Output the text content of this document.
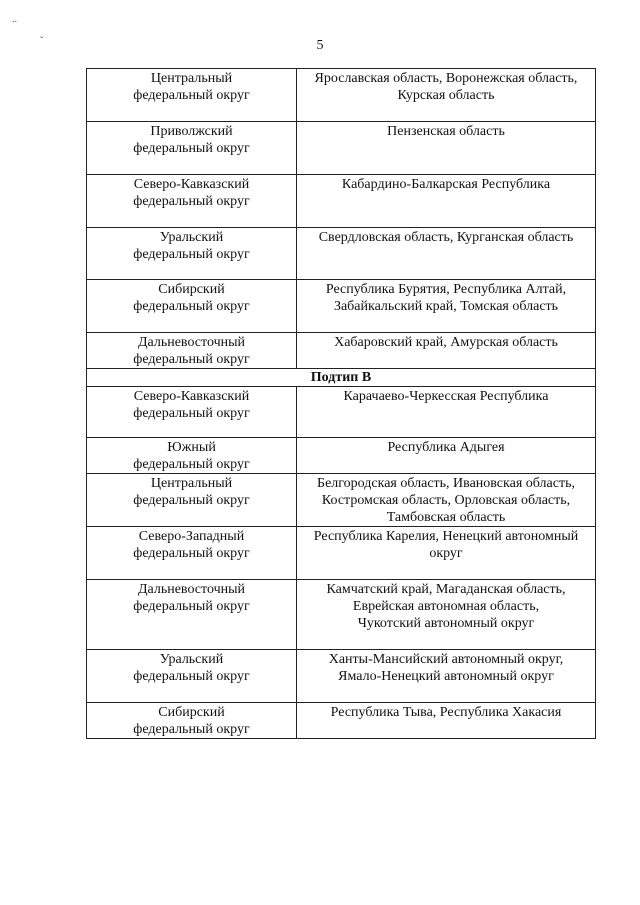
..
ˇ	5
Центральный
федеральный округ	Ярославская область, Воронежская область,
Курская область

Приволжский
федеральный округ	Пензенская область

Северо-Кавказский
федеральный округ	Кабардино-Балкарская Республика

Уральский
федеральный округ	Свердловская область, Курганская область

Сибирский
федеральный округ	Республика Бурятия, Республика Алтай,
Забайкальский край, Томская область

Дальневосточный
федеральный округ	Хабаровский край, Амурская область

Подтип В	

Северо-Кавказский
федеральный округ	Карачаево-Черкесская Республика

Южный
федеральный округ	Республика Адыгея

Центральный
федеральный округ	Белгородская область, Ивановская область,
Костромская область, Орловская область,
Тамбовская область

Северо-Западный
федеральный округ	Республика Карелия, Ненецкий автономный
округ

Дальневосточный
федеральный округ	Камчатский край, Магаданская область,
Еврейская автономная область,
Чукотский автономный округ

Уральский
федеральный округ	Ханты-Мансийский автономный округ,
Ямало-Ненецкий автономный округ

Сибирский
федеральный округ	Республика Тыва, Республика Хакасия
